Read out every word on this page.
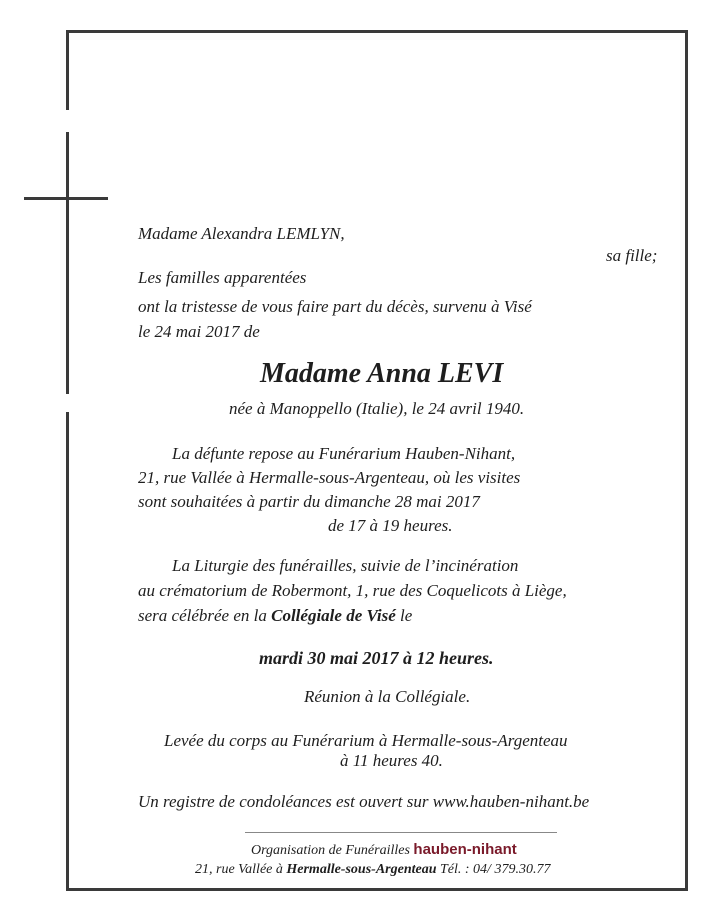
Madame Alexandra LEMLYN,
sa fille;
Les familles apparentées
ont la tristesse de vous faire part du décès, survenu à Visé
le 24 mai 2017 de
Madame Anna LEVI
née à Manoppello (Italie), le 24 avril 1940.
La défunte repose au Funérarium Hauben-Nihant,
21, rue Vallée à Hermalle-sous-Argenteau, où les visites
sont souhaitées à partir du dimanche 28 mai 2017
de 17 à 19 heures.
La Liturgie des funérailles, suivie de l’incinération
au crématorium de Robermont, 1, rue des Coquelicots à Liège,
sera célébrée en la Collégiale de Visé le
mardi 30 mai 2017 à 12 heures.
Réunion à la Collégiale.
Levée du corps au Funérarium à Hermalle-sous-Argenteau
à 11 heures 40.
Un registre de condoléances est ouvert sur www.hauben-nihant.be
Organisation de Funérailles hauben-nihant
21, rue Vallée à Hermalle-sous-Argenteau Tél. : 04/ 379.30.77
